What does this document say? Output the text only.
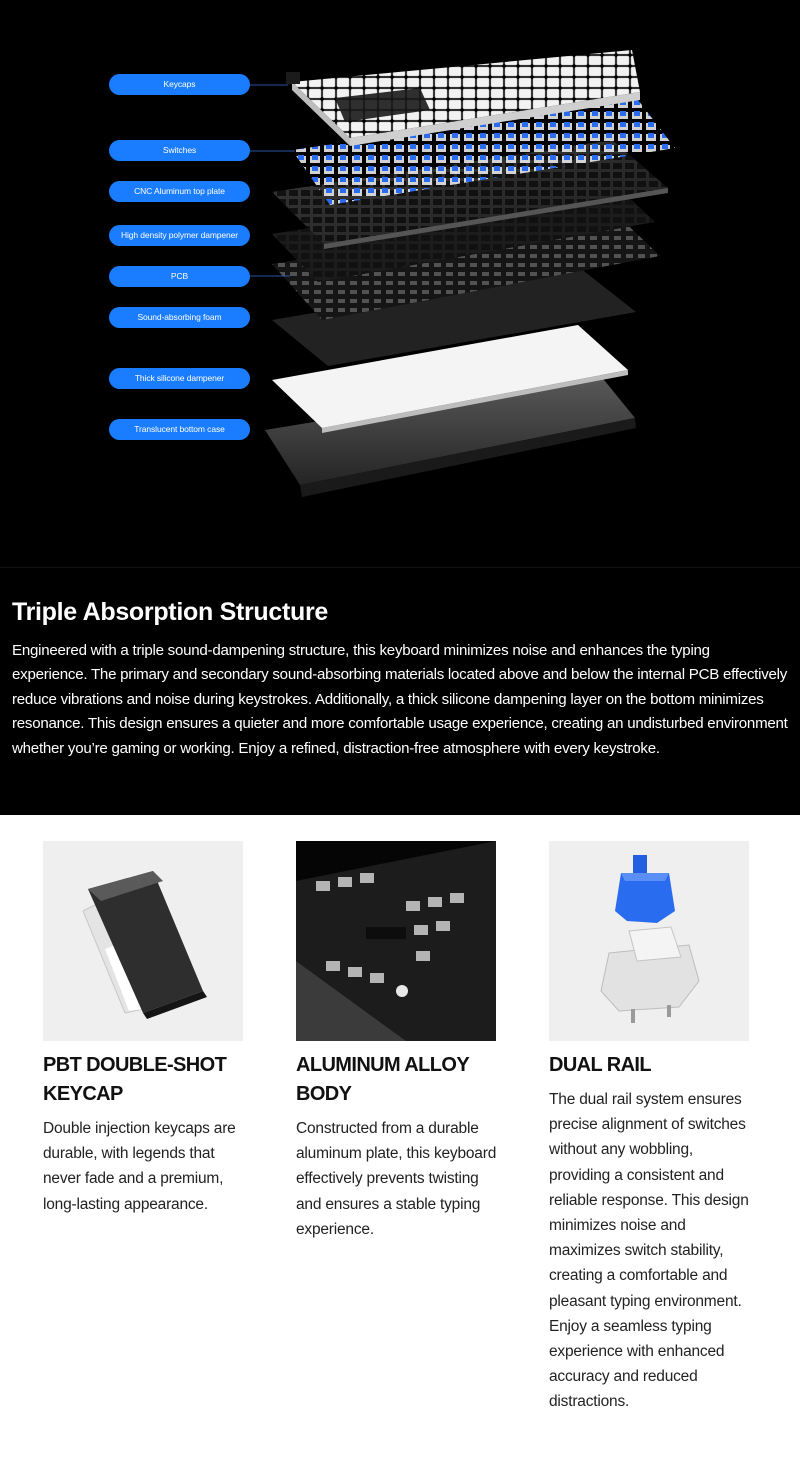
Keycaps
Switches
CNC Aluminum top plate
High density polymer dampener
PCB
Sound-absorbing foam
Thick silicone dampener
Translucent bottom case
Triple Absorption Structure

Engineered with a triple sound-dampening structure, this keyboard minimizes noise and enhances the typing experience. The primary and secondary sound-absorbing materials located above and below the internal PCB effectively reduce vibrations and noise during keystrokes. Additionally, a thick silicone dampening layer on the bottom minimizes resonance. This design ensures a quieter and more comfortable usage experience, creating an undisturbed environment whether you’re gaming or working. Enjoy a refined, distraction-free atmosphere with every keystroke.

PBT DOUBLE-SHOT KEYCAP

Double injection keycaps are durable, with legends that never fade and a premium, long-lasting appearance.

ALUMINUM ALLOY BODY

Constructed from a durable aluminum plate, this keyboard effectively prevents twisting and ensures a stable typing experience.

DUAL RAIL

The dual rail system ensures precise alignment of switches without any wobbling, providing a consistent and reliable response. This design minimizes noise and maximizes switch stability, creating a comfortable and pleasant typing environment. Enjoy a seamless typing experience with enhanced accuracy and reduced distractions.
